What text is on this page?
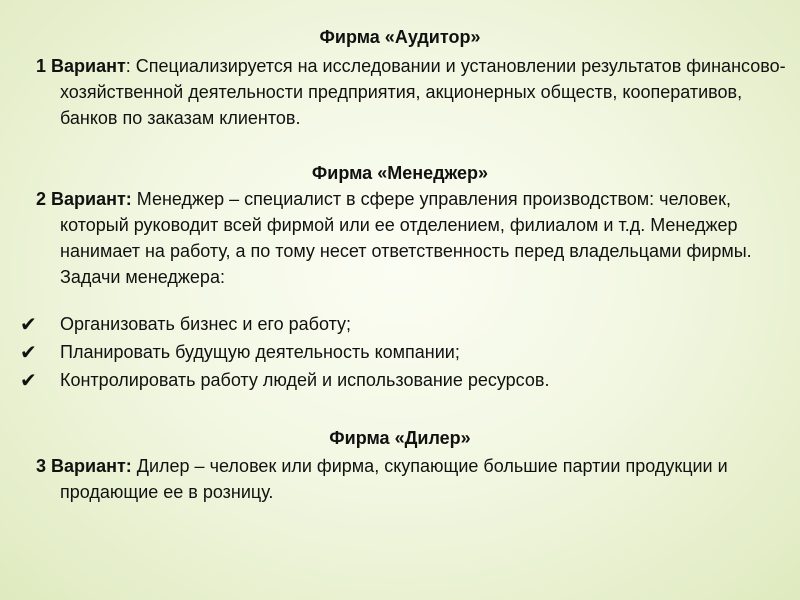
Фирма «Аудитор»

1 Вариант: Специализируется на исследовании и установлении результатов финансово-хозяйственной деятельности предприятия, акционерных обществ, кооперативов, банков по заказам клиентов.

Фирма «Менеджер»

2 Вариант: Менеджер – специалист в сфере управления производством: человек, который руководит всей фирмой или ее отделением, филиалом и т.д. Менеджер нанимает на работу, а по тому несет ответственность перед владельцами фирмы. Задачи менеджера:

✔ Организовать бизнес и его работу;
✔ Планировать будущую деятельность компании;
✔ Контролировать работу людей и использование ресурсов.
Фирма «Дилер»

3 Вариант: Дилер – человек или фирма, скупающие большие партии продукции и продающие ее в розницу.
